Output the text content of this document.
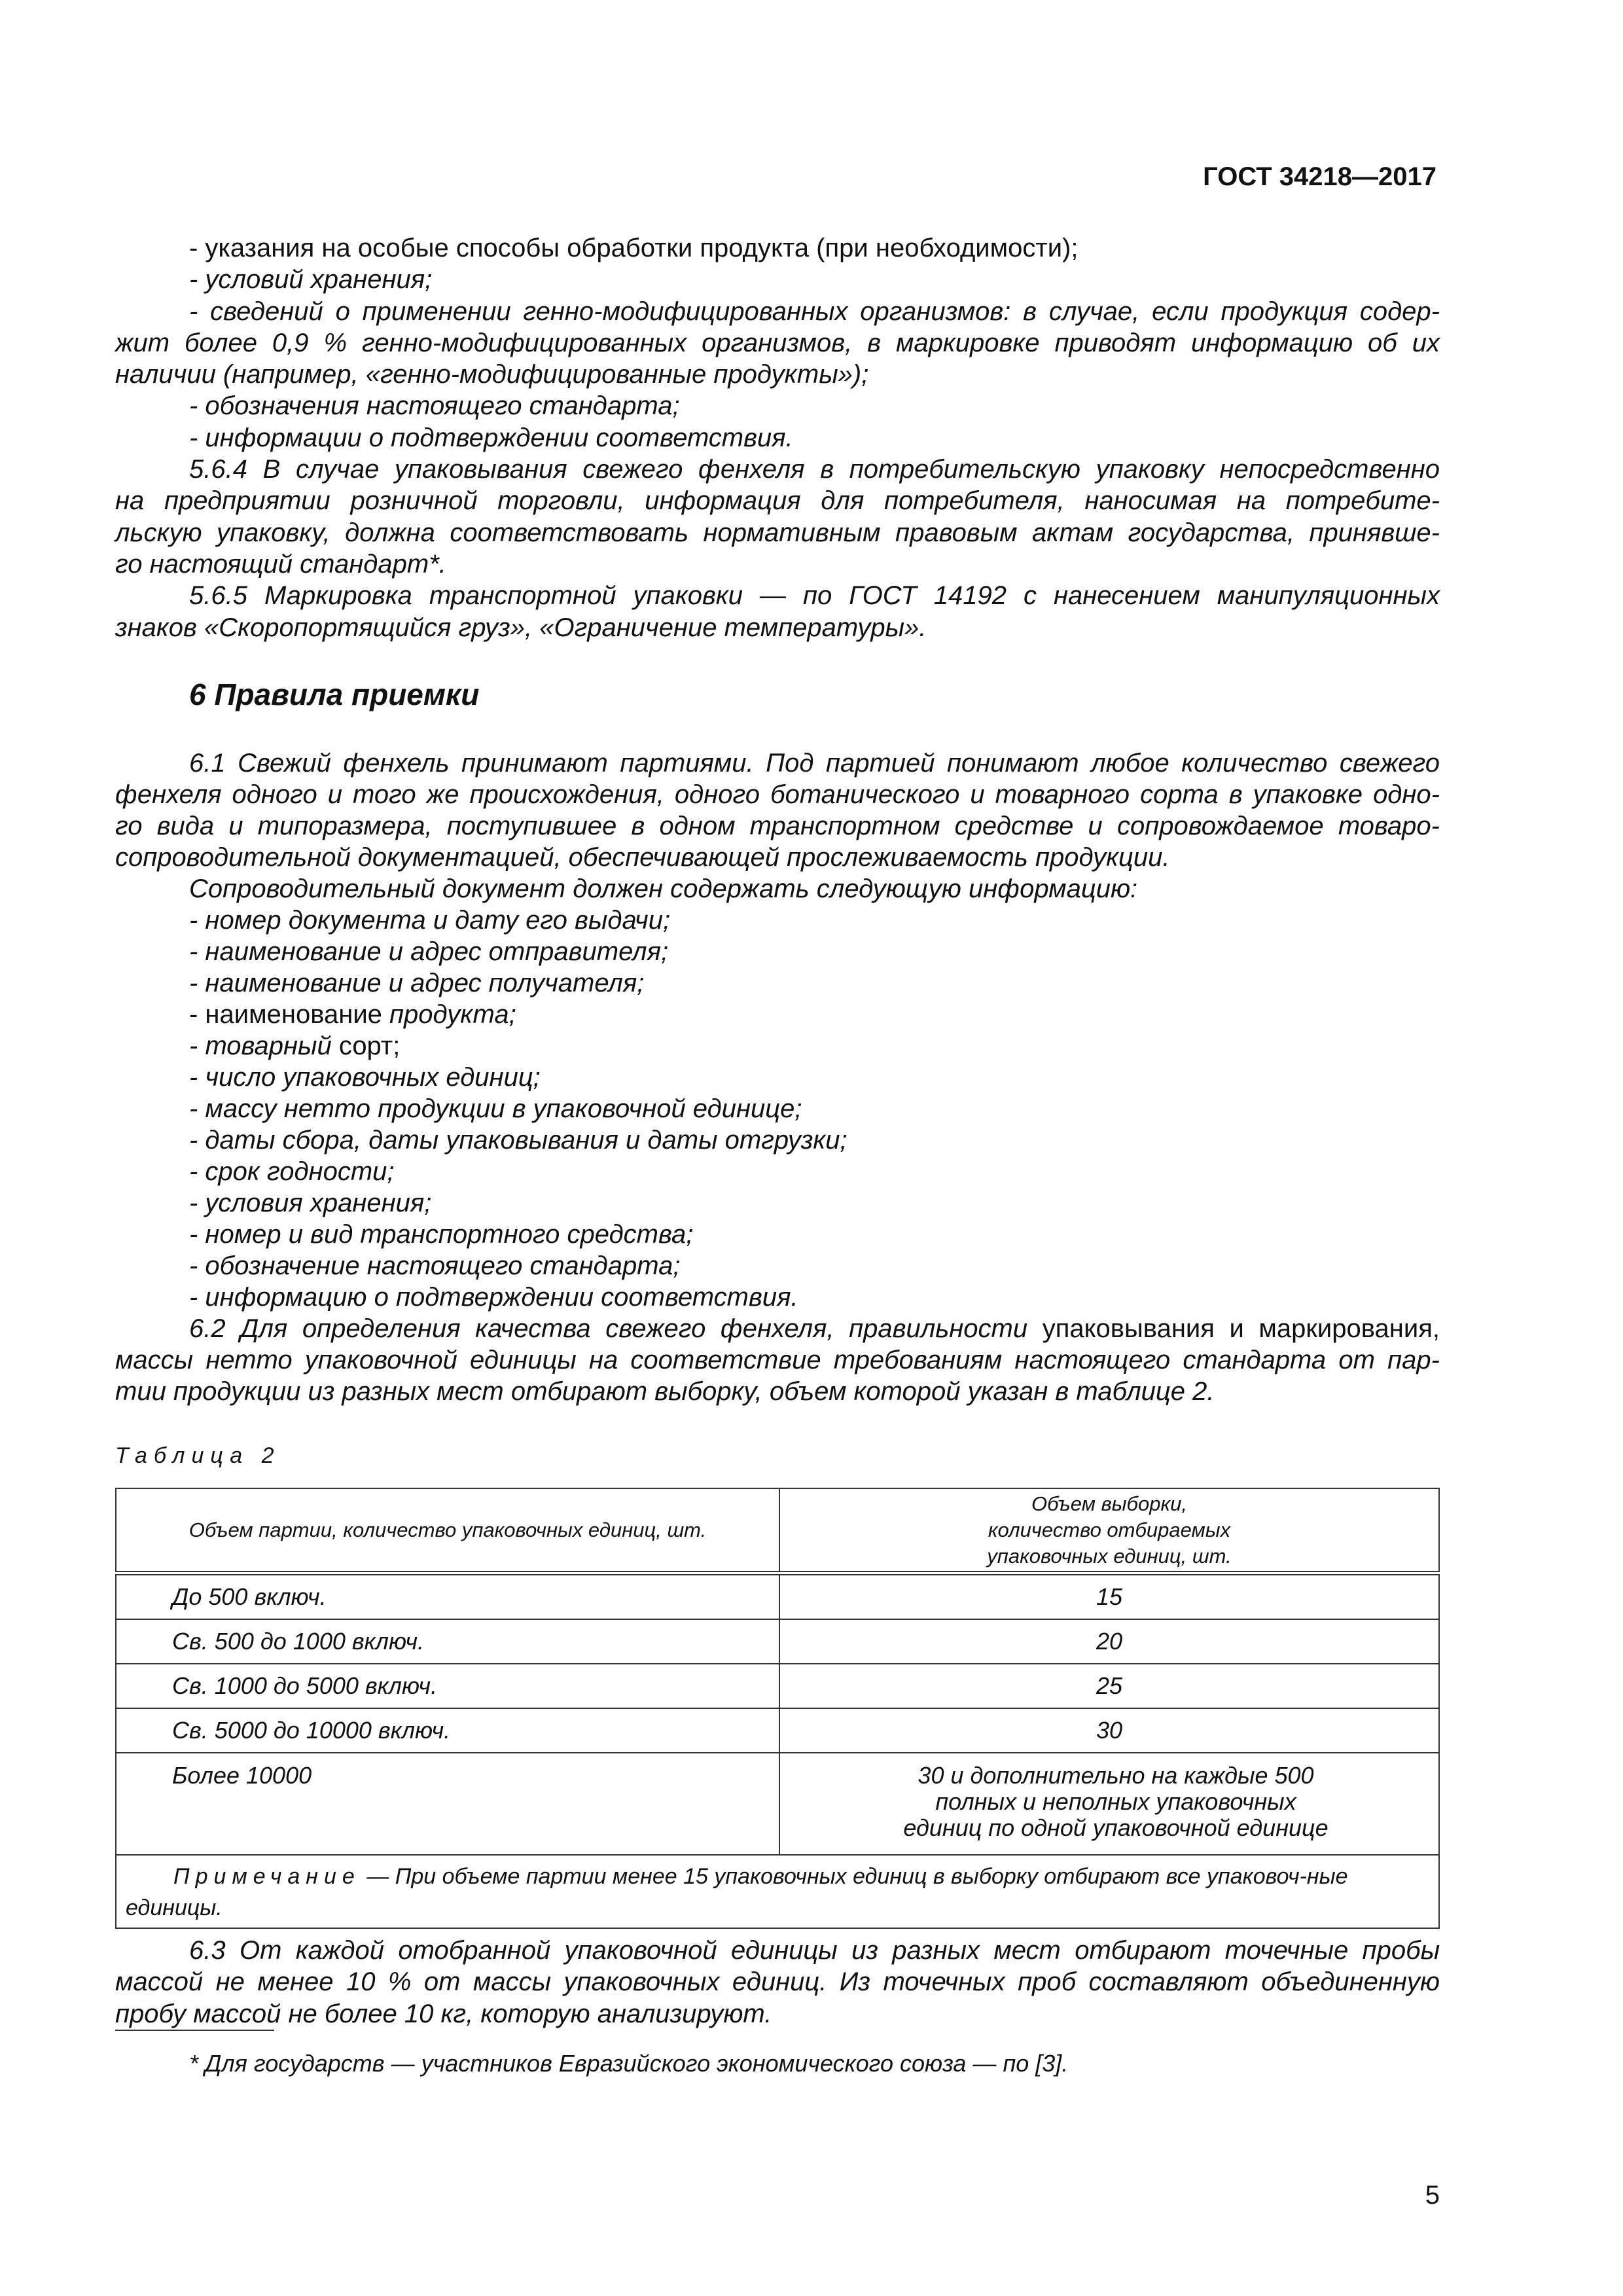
ГОСТ 34218—2017
- указания на особые способы обработки продукта (при необходимости);
- условий хранения;
- сведений о применении генно-модифицированных организмов: в случае, если продукция содер-
жит более 0,9 % генно-модифицированных организмов, в маркировке приводят информацию об их
наличии (например, «генно-модифицированные продукты»);
- обозначения настоящего стандарта;
- информации о подтверждении соответствия.
5.6.4 В случае упаковывания свежего фенхеля в потребительскую упаковку непосредственно
на предприятии розничной торговли, информация для потребителя, наносимая на потребите-
льскую упаковку, должна соответствовать нормативным правовым актам государства, принявше-
го настоящий стандарт*.
5.6.5 Маркировка транспортной упаковки — по ГОСТ 14192 с нанесением манипуляционных
знаков «Скоропортящийся груз», «Ограничение температуры».
6 Правила приемки
6.1 Свежий фенхель принимают партиями. Под партией понимают любое количество свежего
фенхеля одного и того же происхождения, одного ботанического и товарного сорта в упаковке одно-
го вида и типоразмера, поступившее в одном транспортном средстве и сопровождаемое товаро-
сопроводительной документацией, обеспечивающей прослеживаемость продукции.
Сопроводительный документ должен содержать следующую информацию:
- номер документа и дату его выдачи;
- наименование и адрес отправителя;
- наименование и адрес получателя;
- наименование продукта;
- товарный сорт;
- число упаковочных единиц;
- массу нетто продукции в упаковочной единице;
- даты сбора, даты упаковывания и даты отгрузки;
- срок годности;
- условия хранения;
- номер и вид транспортного средства;
- обозначение настоящего стандарта;
- информацию о подтверждении соответствия.
6.2 Для определения качества свежего фенхеля, правильности упаковывания и маркирования,
массы нетто упаковочной единицы на соответствие требованиям настоящего стандарта от пар-
тии продукции из разных мест отбирают выборку, объем которой указан в таблице 2.
Таблица 2
Объем партии, количество упаковочных единиц, шт.	Объем выборки, количество отбираемых упаковочных единиц, шт.
До 500 включ.	15
Св. 500 до 1000 включ.	20
Св. 1000 до 5000 включ.	25
Св. 5000 до 10000 включ.	30
Более 10000	30 и дополнительно на каждые 500 полных и неполных упаковочных единиц по одной упаковочной единице
Примечание — При объеме партии менее 15 упаковочных единиц в выборку отбирают все упаковоч-ные единицы.	
6.3 От каждой отобранной упаковочной единицы из разных мест отбирают точечные пробы
массой не менее 10 % от массы упаковочных единиц. Из точечных проб составляют объединенную
пробу массой не более 10 кг, которую анализируют.
* Для государств — участников Евразийского экономического союза — по [3].
5
